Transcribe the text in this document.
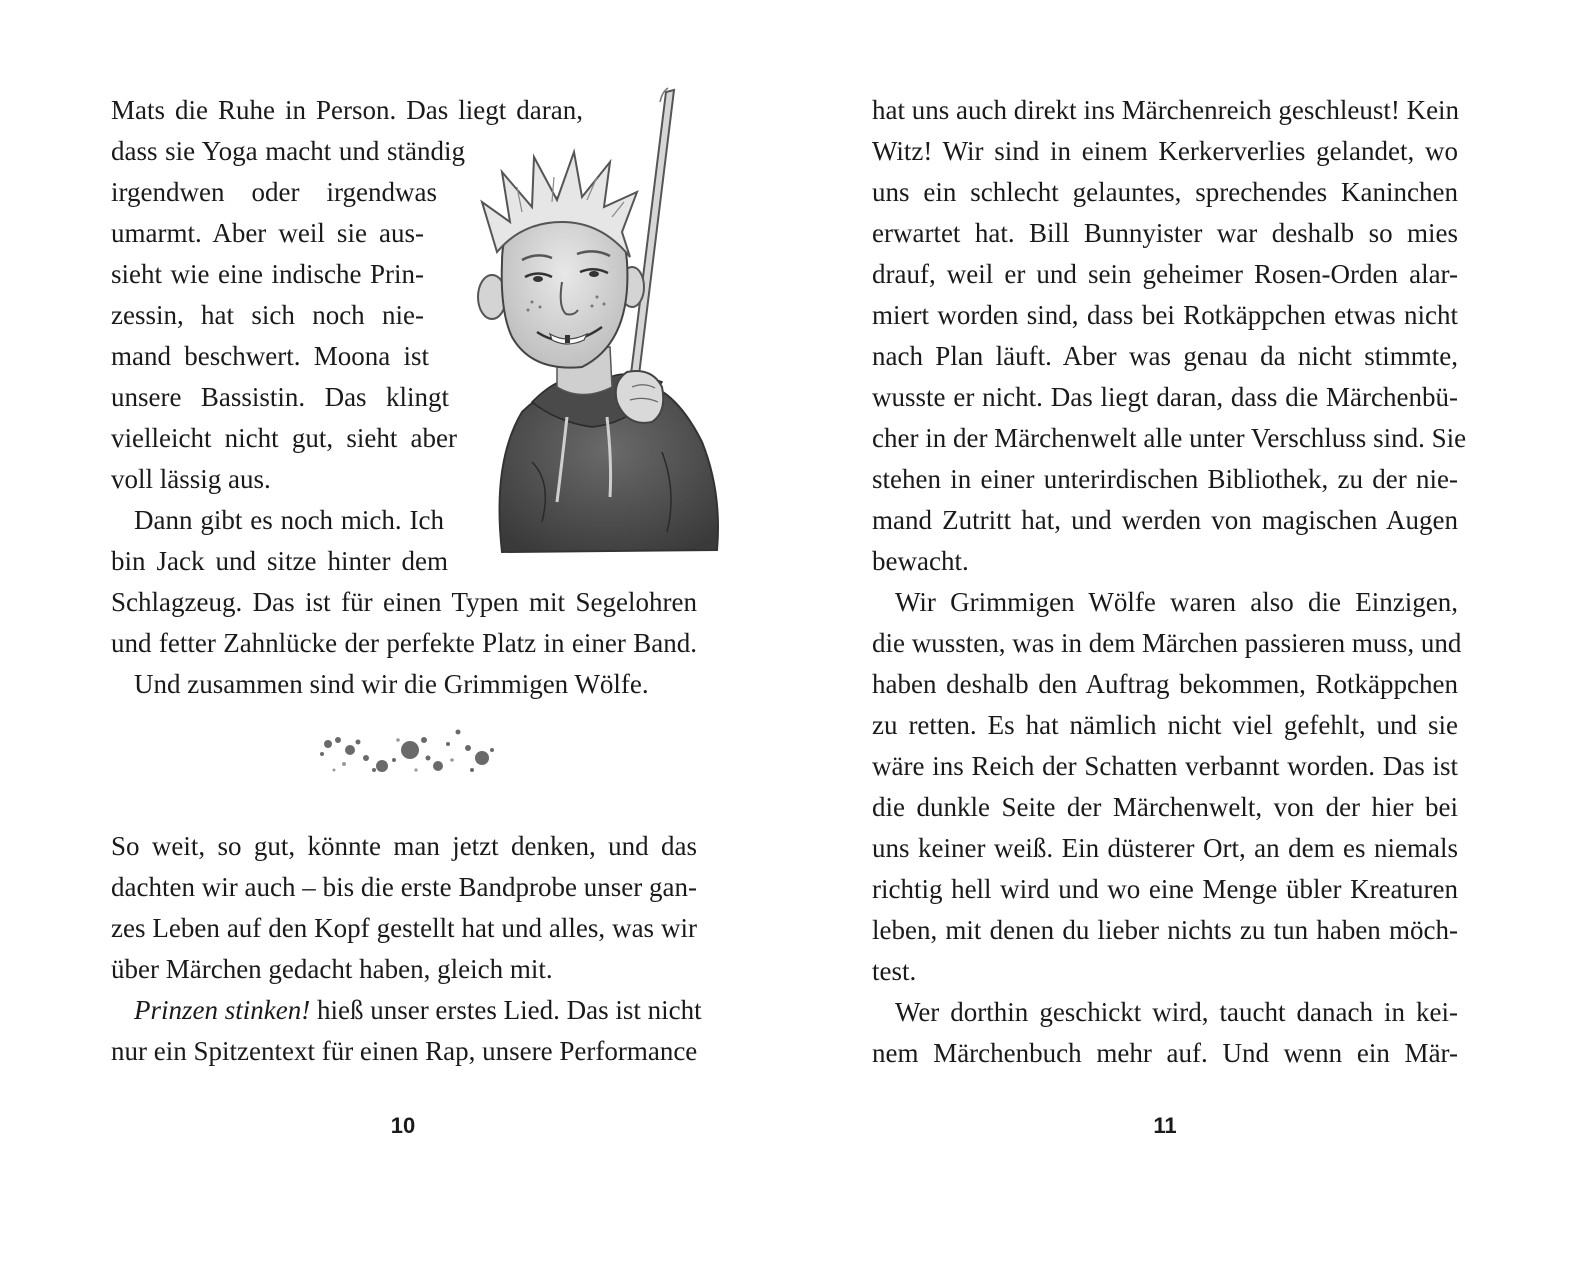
Mats die Ruhe in Person. Das liegt daran,
dass sie Yoga macht und ständig
irgendwen oder irgendwas
umarmt. Aber weil sie aus-
sieht wie eine indische Prin-
zessin, hat sich noch nie-
mand beschwert. Moona ist
unsere Bassistin. Das klingt
vielleicht nicht gut, sieht aber
voll lässig aus.
Dann gibt es noch mich. Ich
bin Jack und sitze hinter dem
Schlagzeug. Das ist für einen Typen mit Segelohren
und fetter Zahnlücke der perfekte Platz in einer Band.
Und zusammen sind wir die Grimmigen Wölfe.
So weit, so gut, könnte man jetzt denken, und das
dachten wir auch – bis die erste Bandprobe unser gan-
zes Leben auf den Kopf gestellt hat und alles, was wir
über Märchen gedacht haben, gleich mit.
Prinzen stinken! hieß unser erstes Lied. Das ist nicht
nur ein Spitzentext für einen Rap, unsere Performance
10
hat uns auch direkt ins Märchenreich geschleust! Kein
Witz! Wir sind in einem Kerkerverlies gelandet, wo
uns ein schlecht gelauntes, sprechendes Kaninchen
erwartet hat. Bill Bunnyister war deshalb so mies
drauf, weil er und sein geheimer Rosen-Orden alar-
miert worden sind, dass bei Rotkäppchen etwas nicht
nach Plan läuft. Aber was genau da nicht stimmte,
wusste er nicht. Das liegt daran, dass die Märchenbü-
cher in der Märchenwelt alle unter Verschluss sind. Sie
stehen in einer unterirdischen Bibliothek, zu der nie-
mand Zutritt hat, und werden von magischen Augen
bewacht.
Wir Grimmigen Wölfe waren also die Einzigen,
die wussten, was in dem Märchen passieren muss, und
haben deshalb den Auftrag bekommen, Rotkäppchen
zu retten. Es hat nämlich nicht viel gefehlt, und sie
wäre ins Reich der Schatten verbannt worden. Das ist
die dunkle Seite der Märchenwelt, von der hier bei
uns keiner weiß. Ein düsterer Ort, an dem es niemals
richtig hell wird und wo eine Menge übler Kreaturen
leben, mit denen du lieber nichts zu tun haben möch-
test.
Wer dorthin geschickt wird, taucht danach in kei-
nem Märchenbuch mehr auf. Und wenn ein Mär-
11
